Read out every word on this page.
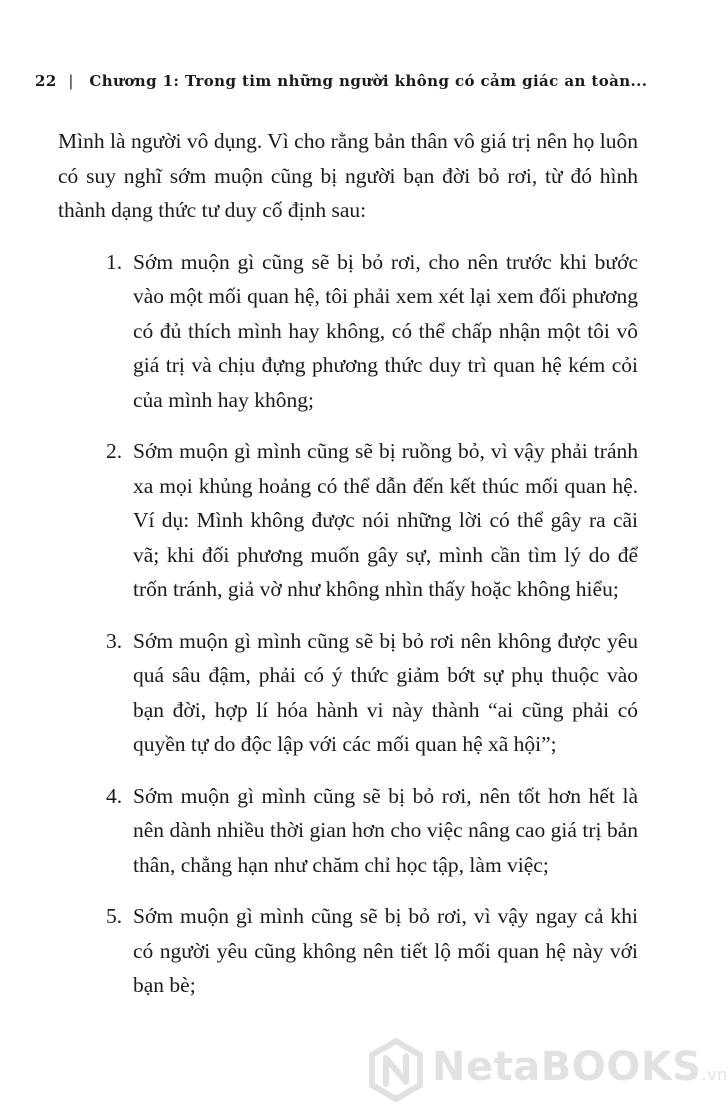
22 | Chương 1: Trong tim những người không có cảm giác an toàn...

Mình là người vô dụng. Vì cho rằng bản thân vô giá trị nên họ luôn có suy nghĩ sớm muộn cũng bị người bạn đời bỏ rơi, từ đó hình thành dạng thức tư duy cố định sau:

1. Sớm muộn gì cũng sẽ bị bỏ rơi, cho nên trước khi bước vào một mối quan hệ, tôi phải xem xét lại xem đối phương có đủ thích mình hay không, có thể chấp nhận một tôi vô giá trị và chịu đựng phương thức duy trì quan hệ kém cỏi của mình hay không;
2. Sớm muộn gì mình cũng sẽ bị ruồng bỏ, vì vậy phải tránh xa mọi khủng hoảng có thể dẫn đến kết thúc mối quan hệ. Ví dụ: Mình không được nói những lời có thể gây ra cãi vã; khi đối phương muốn gây sự, mình cần tìm lý do để trốn tránh, giả vờ như không nhìn thấy hoặc không hiểu;
3. Sớm muộn gì mình cũng sẽ bị bỏ rơi nên không được yêu quá sâu đậm, phải có ý thức giảm bớt sự phụ thuộc vào bạn đời, hợp lí hóa hành vi này thành “ai cũng phải có quyền tự do độc lập với các mối quan hệ xã hội”;
4. Sớm muộn gì mình cũng sẽ bị bỏ rơi, nên tốt hơn hết là nên dành nhiều thời gian hơn cho việc nâng cao giá trị bản thân, chẳng hạn như chăm chỉ học tập, làm việc;
5. Sớm muộn gì mình cũng sẽ bị bỏ rơi, vì vậy ngay cả khi có người yêu cũng không nên tiết lộ mối quan hệ này với bạn bè;
NetaBOOKS.vn
